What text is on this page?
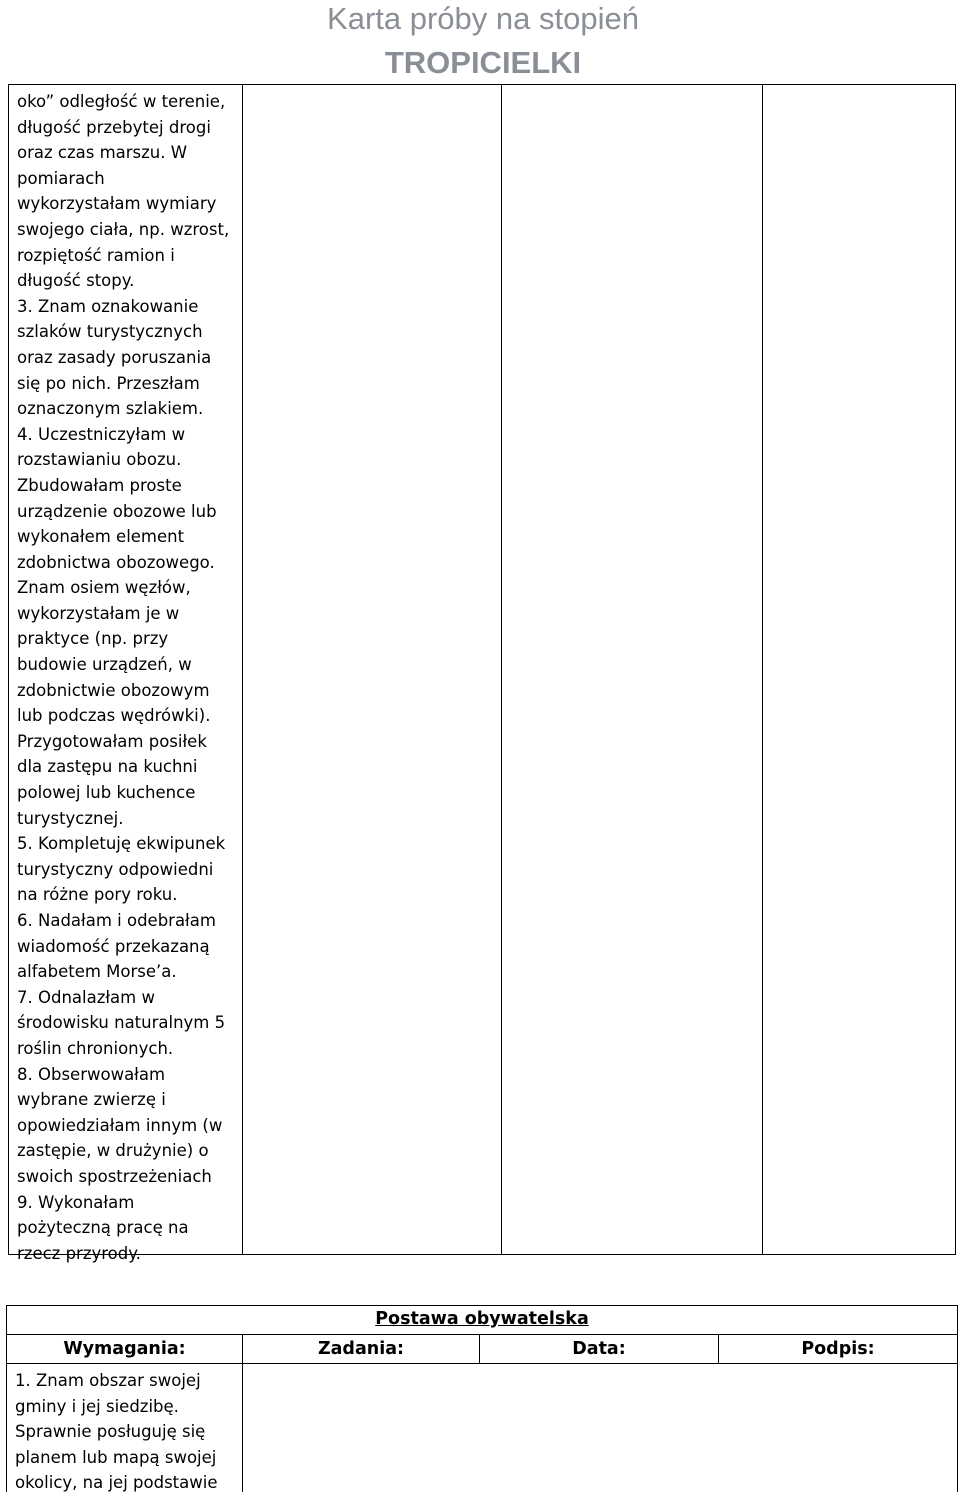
Karta próby na stopień
TROPICIELKI
oko” odległość w terenie,
długość przebytej drogi
oraz czas marszu. W
pomiarach
wykorzystałam wymiary
swojego ciała, np. wzrost,
rozpiętość ramion i
długość stopy.
3. Znam oznakowanie
szlaków turystycznych
oraz zasady poruszania
się po nich. Przeszłam
oznaczonym szlakiem.
4. Uczestniczyłam w
rozstawianiu obozu.
Zbudowałam proste
urządzenie obozowe lub
wykonałem element
zdobnictwa obozowego.
Znam osiem węzłów,
wykorzystałam je w
praktyce (np. przy
budowie urządzeń, w
zdobnictwie obozowym
lub podczas wędrówki).
Przygotowałam posiłek
dla zastępu na kuchni
polowej lub kuchence
turystycznej.
5. Kompletuję ekwipunek
turystyczny odpowiedni
na różne pory roku.
6. Nadałam i odebrałam
wiadomość przekazaną
alfabetem Morse’a.
7. Odnalazłam w
środowisku naturalnym 5
roślin chronionych.
8. Obserwowałam
wybrane zwierzę i
opowiedziałam innym (w
zastępie, w drużynie) o
swoich spostrzeżeniach
9. Wykonałam
pożyteczną pracę na
rzecz przyrody.
Postawa obywatelska
Wymagania:	Zadania:	Data:	Podpis:
1. Znam obszar swojej
gminy i jej siedzibę.
Sprawnie posługuję się
planem lub mapą swojej
okolicy, na jej podstawie
